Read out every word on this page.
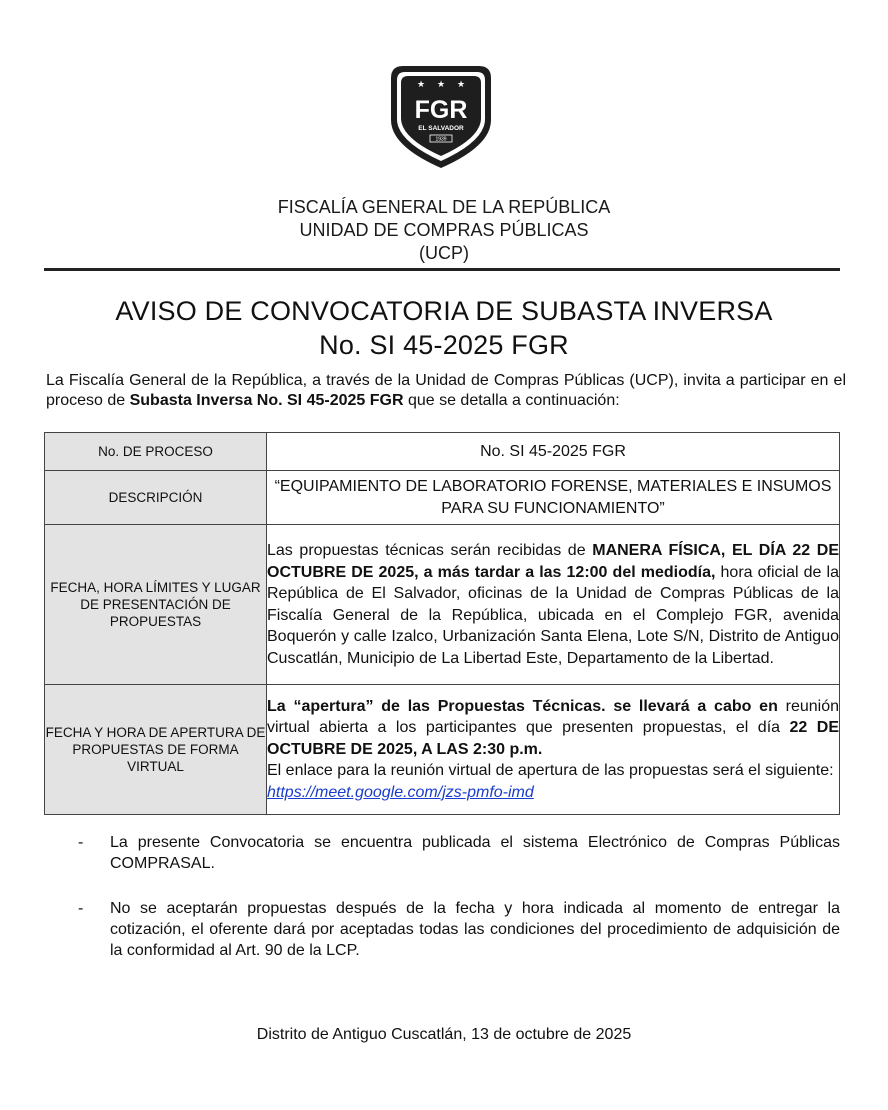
★ ★ ★
FGR
EL SALVADOR
1939
FISCALÍA GENERAL DE LA REPÚBLICA
UNIDAD DE COMPRAS PÚBLICAS
(UCP)
AVISO DE CONVOCATORIA DE SUBASTA INVERSA
No. SI 45-2025 FGR
La Fiscalía General de la República, a través de la Unidad de Compras Públicas (UCP), invita a participar en el proceso de Subasta Inversa No. SI 45-2025 FGR que se detalla a continuación:
No. DE PROCESO	No. SI 45-2025 FGR
DESCRIPCIÓN	“EQUIPAMIENTO DE LABORATORIO FORENSE, MATERIALES E INSUMOS PARA SU FUNCIONAMIENTO”
FECHA, HORA LÍMITES Y LUGAR DE PRESENTACIÓN DE PROPUESTAS	Las propuestas técnicas serán recibidas de MANERA FÍSICA, EL DÍA 22 DE OCTUBRE DE 2025, a más tardar a las 12:00 del mediodía, hora oficial de la República de El Salvador, oficinas de la Unidad de Compras Públicas de la Fiscalía General de la República, ubicada en el Complejo FGR, avenida Boquerón y calle Izalco, Urbanización Santa Elena, Lote S/N, Distrito de Antiguo Cuscatlán, Municipio de La Libertad Este, Departamento de la Libertad.
FECHA Y HORA DE APERTURA DE PROPUESTAS DE FORMA VIRTUAL	La “apertura” de las Propuestas Técnicas. se llevará a cabo en reunión virtual abierta a los participantes que presenten propuestas, el día 22 DE OCTUBRE DE 2025, A LAS 2:30 p.m.
El enlace para la reunión virtual de apertura de las propuestas será el siguiente:
https://meet.google.com/jzs-pmfo-imd
-	La presente Convocatoria se encuentra publicada el sistema Electrónico de Compras Públicas COMPRASAL.
-	No se aceptarán propuestas después de la fecha y hora indicada al momento de entregar la cotización, el oferente dará por aceptadas todas las condiciones del procedimiento de adquisición de la conformidad al Art. 90 de la LCP.
Distrito de Antiguo Cuscatlán, 13 de octubre de 2025
